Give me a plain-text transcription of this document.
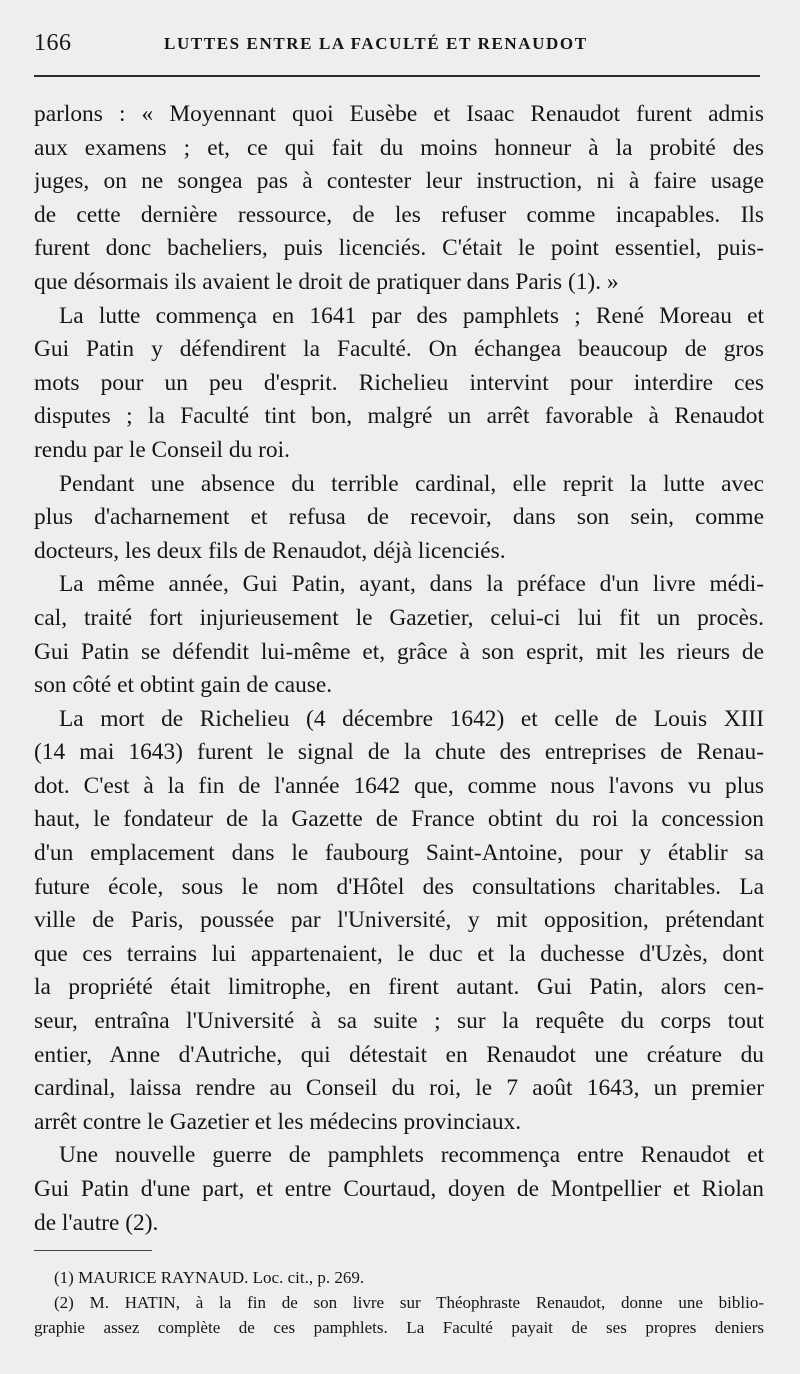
166	LUTTES ENTRE LA FACULTÉ ET RENAUDOT
parlons : « Moyennant quoi Eusèbe et Isaac Renaudot furent admis
aux examens ; et, ce qui fait du moins honneur à la probité des
juges, on ne songea pas à contester leur instruction, ni à faire usage
de cette dernière ressource, de les refuser comme incapables. Ils
furent donc bacheliers, puis licenciés. C'était le point essentiel, puis-
que désormais ils avaient le droit de pratiquer dans Paris (1). »
La lutte commença en 1641 par des pamphlets ; René Moreau et
Gui Patin y défendirent la Faculté. On échangea beaucoup de gros
mots pour un peu d'esprit. Richelieu intervint pour interdire ces
disputes ; la Faculté tint bon, malgré un arrêt favorable à Renaudot
rendu par le Conseil du roi.
Pendant une absence du terrible cardinal, elle reprit la lutte avec
plus d'acharnement et refusa de recevoir, dans son sein, comme
docteurs, les deux fils de Renaudot, déjà licenciés.
La même année, Gui Patin, ayant, dans la préface d'un livre médi-
cal, traité fort injurieusement le Gazetier, celui-ci lui fit un procès.
Gui Patin se défendit lui-même et, grâce à son esprit, mit les rieurs de
son côté et obtint gain de cause.
La mort de Richelieu (4 décembre 1642) et celle de Louis XIII
(14 mai 1643) furent le signal de la chute des entreprises de Renau-
dot. C'est à la fin de l'année 1642 que, comme nous l'avons vu plus
haut, le fondateur de la Gazette de France obtint du roi la concession
d'un emplacement dans le faubourg Saint-Antoine, pour y établir sa
future école, sous le nom d'Hôtel des consultations charitables. La
ville de Paris, poussée par l'Université, y mit opposition, prétendant
que ces terrains lui appartenaient, le duc et la duchesse d'Uzès, dont
la propriété était limitrophe, en firent autant. Gui Patin, alors cen-
seur, entraîna l'Université à sa suite ; sur la requête du corps tout
entier, Anne d'Autriche, qui détestait en Renaudot une créature du
cardinal, laissa rendre au Conseil du roi, le 7 août 1643, un premier
arrêt contre le Gazetier et les médecins provinciaux.
Une nouvelle guerre de pamphlets recommença entre Renaudot et
Gui Patin d'une part, et entre Courtaud, doyen de Montpellier et Riolan
de l'autre (2).
(1) MAURICE RAYNAUD. Loc. cit., p. 269.
(2) M. HATIN, à la fin de son livre sur Théophraste Renaudot, donne une biblio-
graphie assez complète de ces pamphlets. La Faculté payait de ses propres deniers
